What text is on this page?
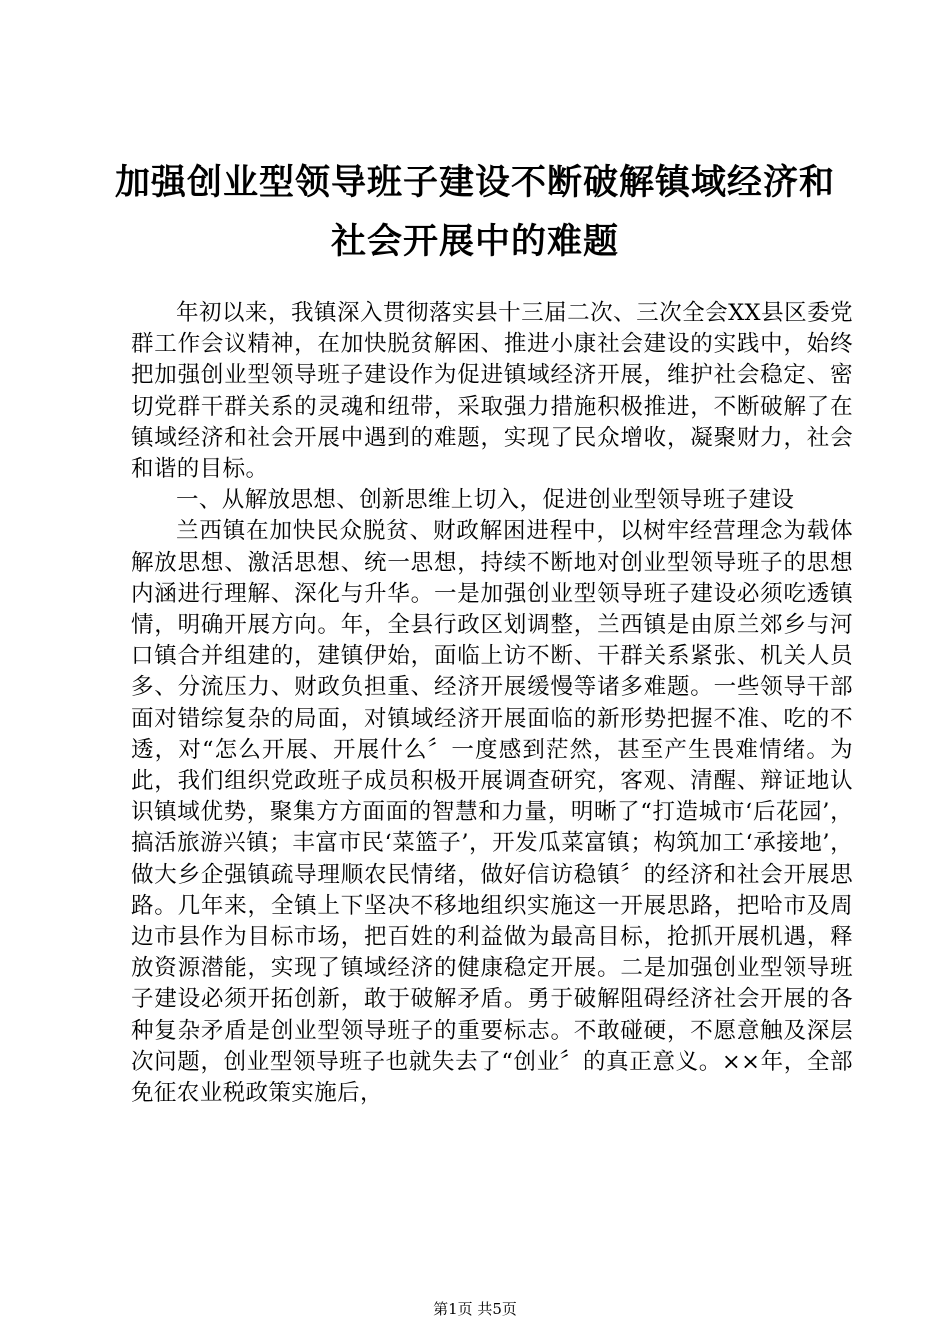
加强创业型领导班子建设不断破解镇域经济和
社会开展中的难题

年初以来，我镇深入贯彻落实县十三届二次、三次全会XX县区委党群工作会议精神，在加快脱贫解困、推进小康社会建设的实践中，始终把加强创业型领导班子建设作为促进镇域经济开展，维护社会稳定、密切党群干群关系的灵魂和纽带，采取强力措施积极推进，不断破解了在镇域经济和社会开展中遇到的难题，实现了民众增收，凝聚财力，社会和谐的目标。

一、从解放思想、创新思维上切入，促进创业型领导班子建设

兰西镇在加快民众脱贫、财政解困进程中，以树牢经营理念为载体解放思想、激活思想、统一思想，持续不断地对创业型领导班子的思想内涵进行理解、深化与升华。一是加强创业型领导班子建设必须吃透镇情，明确开展方向。年，全县行政区划调整，兰西镇是由原兰郊乡与河口镇合并组建的，建镇伊始，面临上访不断、干群关系紧张、机关人员多、分流压力、财政负担重、经济开展缓慢等诸多难题。一些领导干部面对错综复杂的局面，对镇域经济开展面临的新形势把握不准、吃的不透，对“怎么开展、开展什么〞一度感到茫然，甚至产生畏难情绪。为此，我们组织党政班子成员积极开展调查研究，客观、清醒、辩证地认识镇域优势，聚集方方面面的智慧和力量，明晰了“打造城市‘后花园’，搞活旅游兴镇；丰富市民‘菜篮子’，开发瓜菜富镇；构筑加工‘承接地’，做大乡企强镇疏导理顺农民情绪，做好信访稳镇〞的经济和社会开展思路。几年来，全镇上下坚决不移地组织实施这一开展思路，把哈市及周边市县作为目标市场，把百姓的利益做为最高目标，抢抓开展机遇，释放资源潜能，实现了镇域经济的健康稳定开展。二是加强创业型领导班子建设必须开拓创新，敢于破解矛盾。勇于破解阻碍经济社会开展的各种复杂矛盾是创业型领导班子的重要标志。不敢碰硬，不愿意触及深层次问题，创业型领导班子也就失去了“创业〞的真正意义。××年，全部免征农业税政策实施后，

第1页 共5页
